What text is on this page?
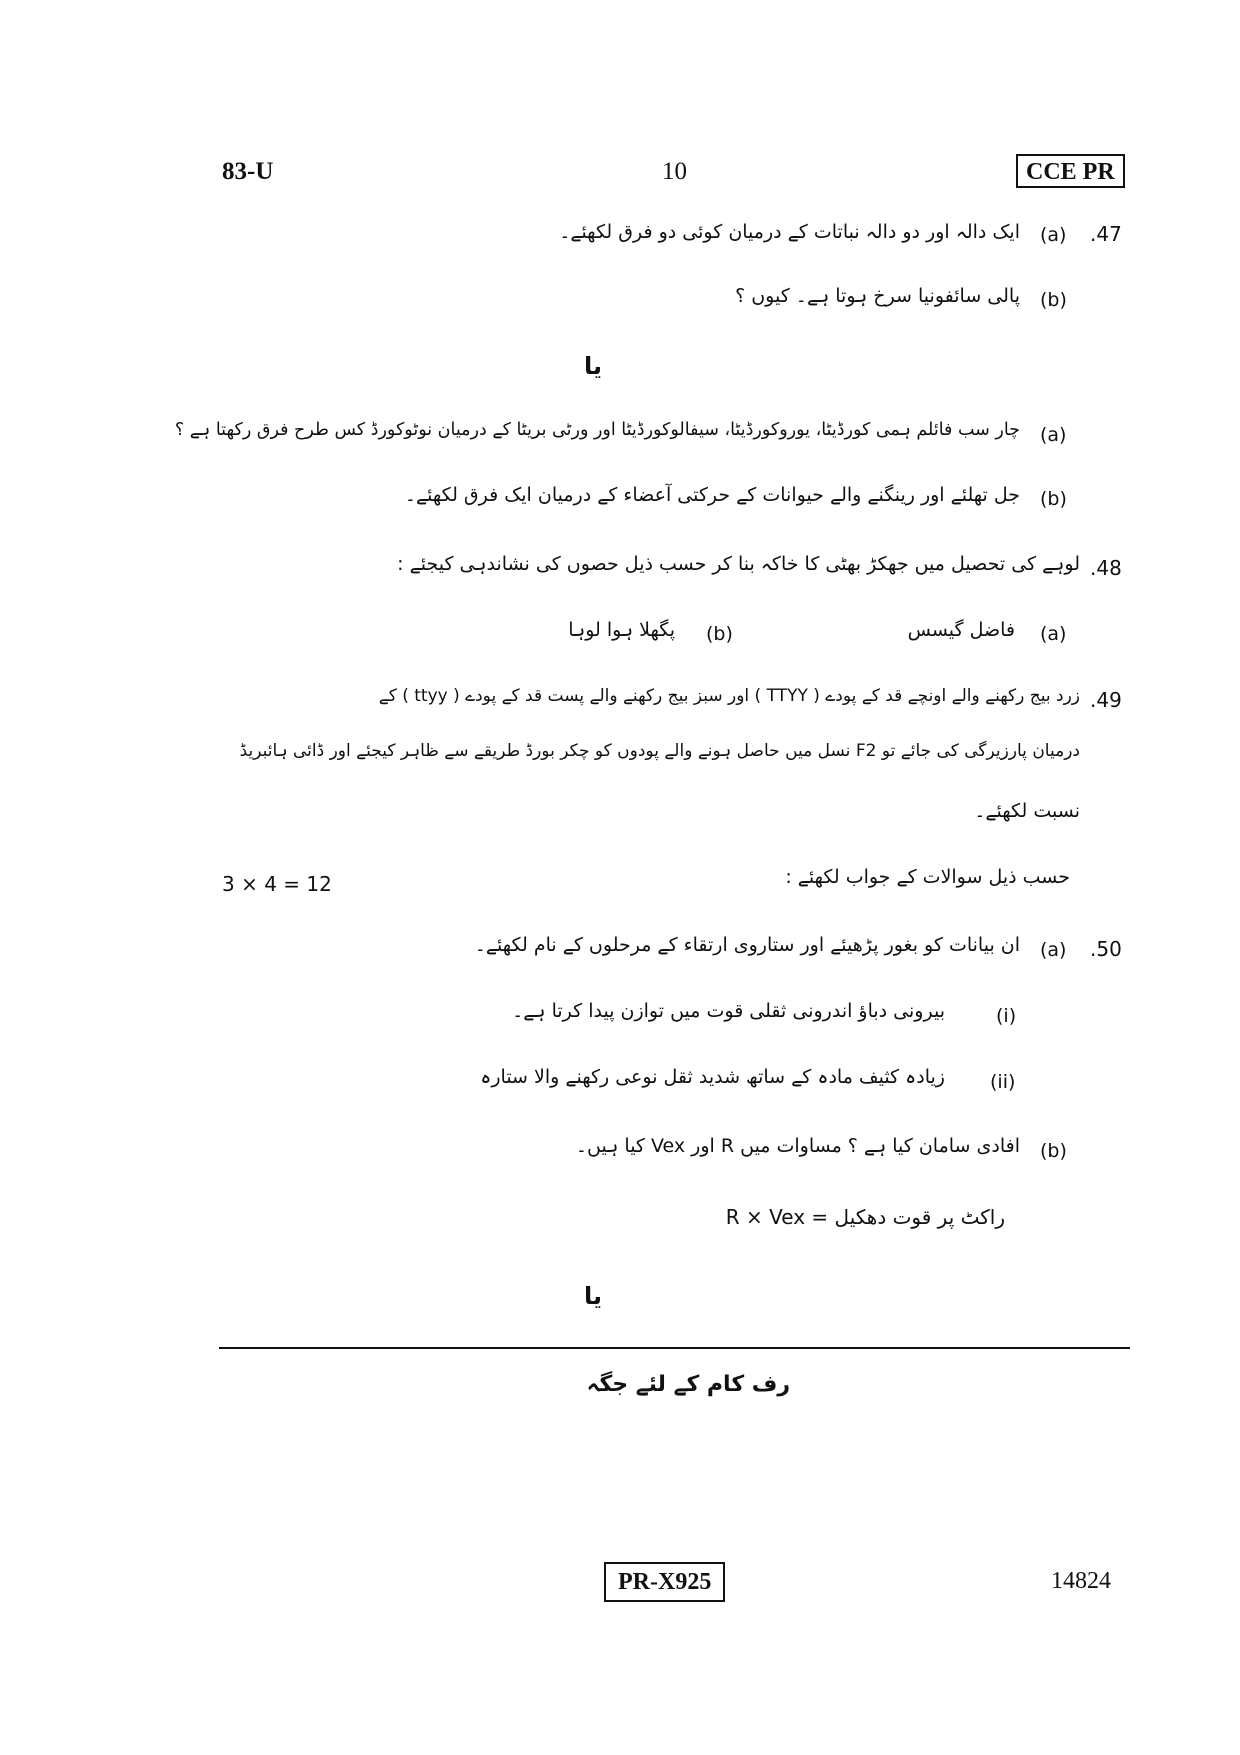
83-U	10	CCE PR
.47
(a)
ایک دالہ اور دو دالہ نباتات کے درمیان کوئی دو فرق لکھئے۔
(b)
پالی سائفونیا سرخ ہوتا ہے۔ کیوں ؟
یا
(a)
چار سب فائلم ہمی کورڈیٹا، یوروکورڈیٹا، سیفالوکورڈیٹا اور ورٹی بریٹا کے درمیان نوٹوکورڈ کس طرح فرق رکھتا ہے ؟
(b)
جل تھلئے اور رینگنے والے حیوانات کے حرکتی آعضاء کے درمیان ایک فرق لکھئے۔
.48
لوہے کی تحصیل میں جھکڑ بھٹی کا خاکہ بنا کر حسب ذیل حصوں کی نشاندہی کیجئے :
(a)
فاضل گیسس
(b)
پگھلا ہوا لوہا
.49
زرد بیج رکھنے والے اونچے قد کے پودے ( TTYY ) اور سبز بیج رکھنے والے پست قد کے پودے ( ttyy ) کے
درمیان پارزیرگی کی جائے تو F2 نسل میں حاصل ہونے والے پودوں کو چکر بورڈ طریقے سے ظاہر کیجئے اور ڈائی ہائبریڈ
نسبت لکھئے۔
حسب ذیل سوالات کے جواب لکھئے :
3 × 4 = 12
.50
(a)
ان بیانات کو بغور پڑھیئے اور ستاروی ارتقاء کے مرحلوں کے نام لکھئے۔
(i)
بیرونی دباؤ اندرونی ثقلی قوت میں توازن پیدا کرتا ہے۔
(ii)
زیادہ کثیف مادہ کے ساتھ شدید ثقل نوعی رکھنے والا ستارہ
(b)
افادی سامان کیا ہے ؟ مساوات میں R اور Vex کیا ہیں۔
راکٹ پر قوت دھکیل = R × Vex
یا
رف کام کے لئے جگہ
PR-X925	14824
